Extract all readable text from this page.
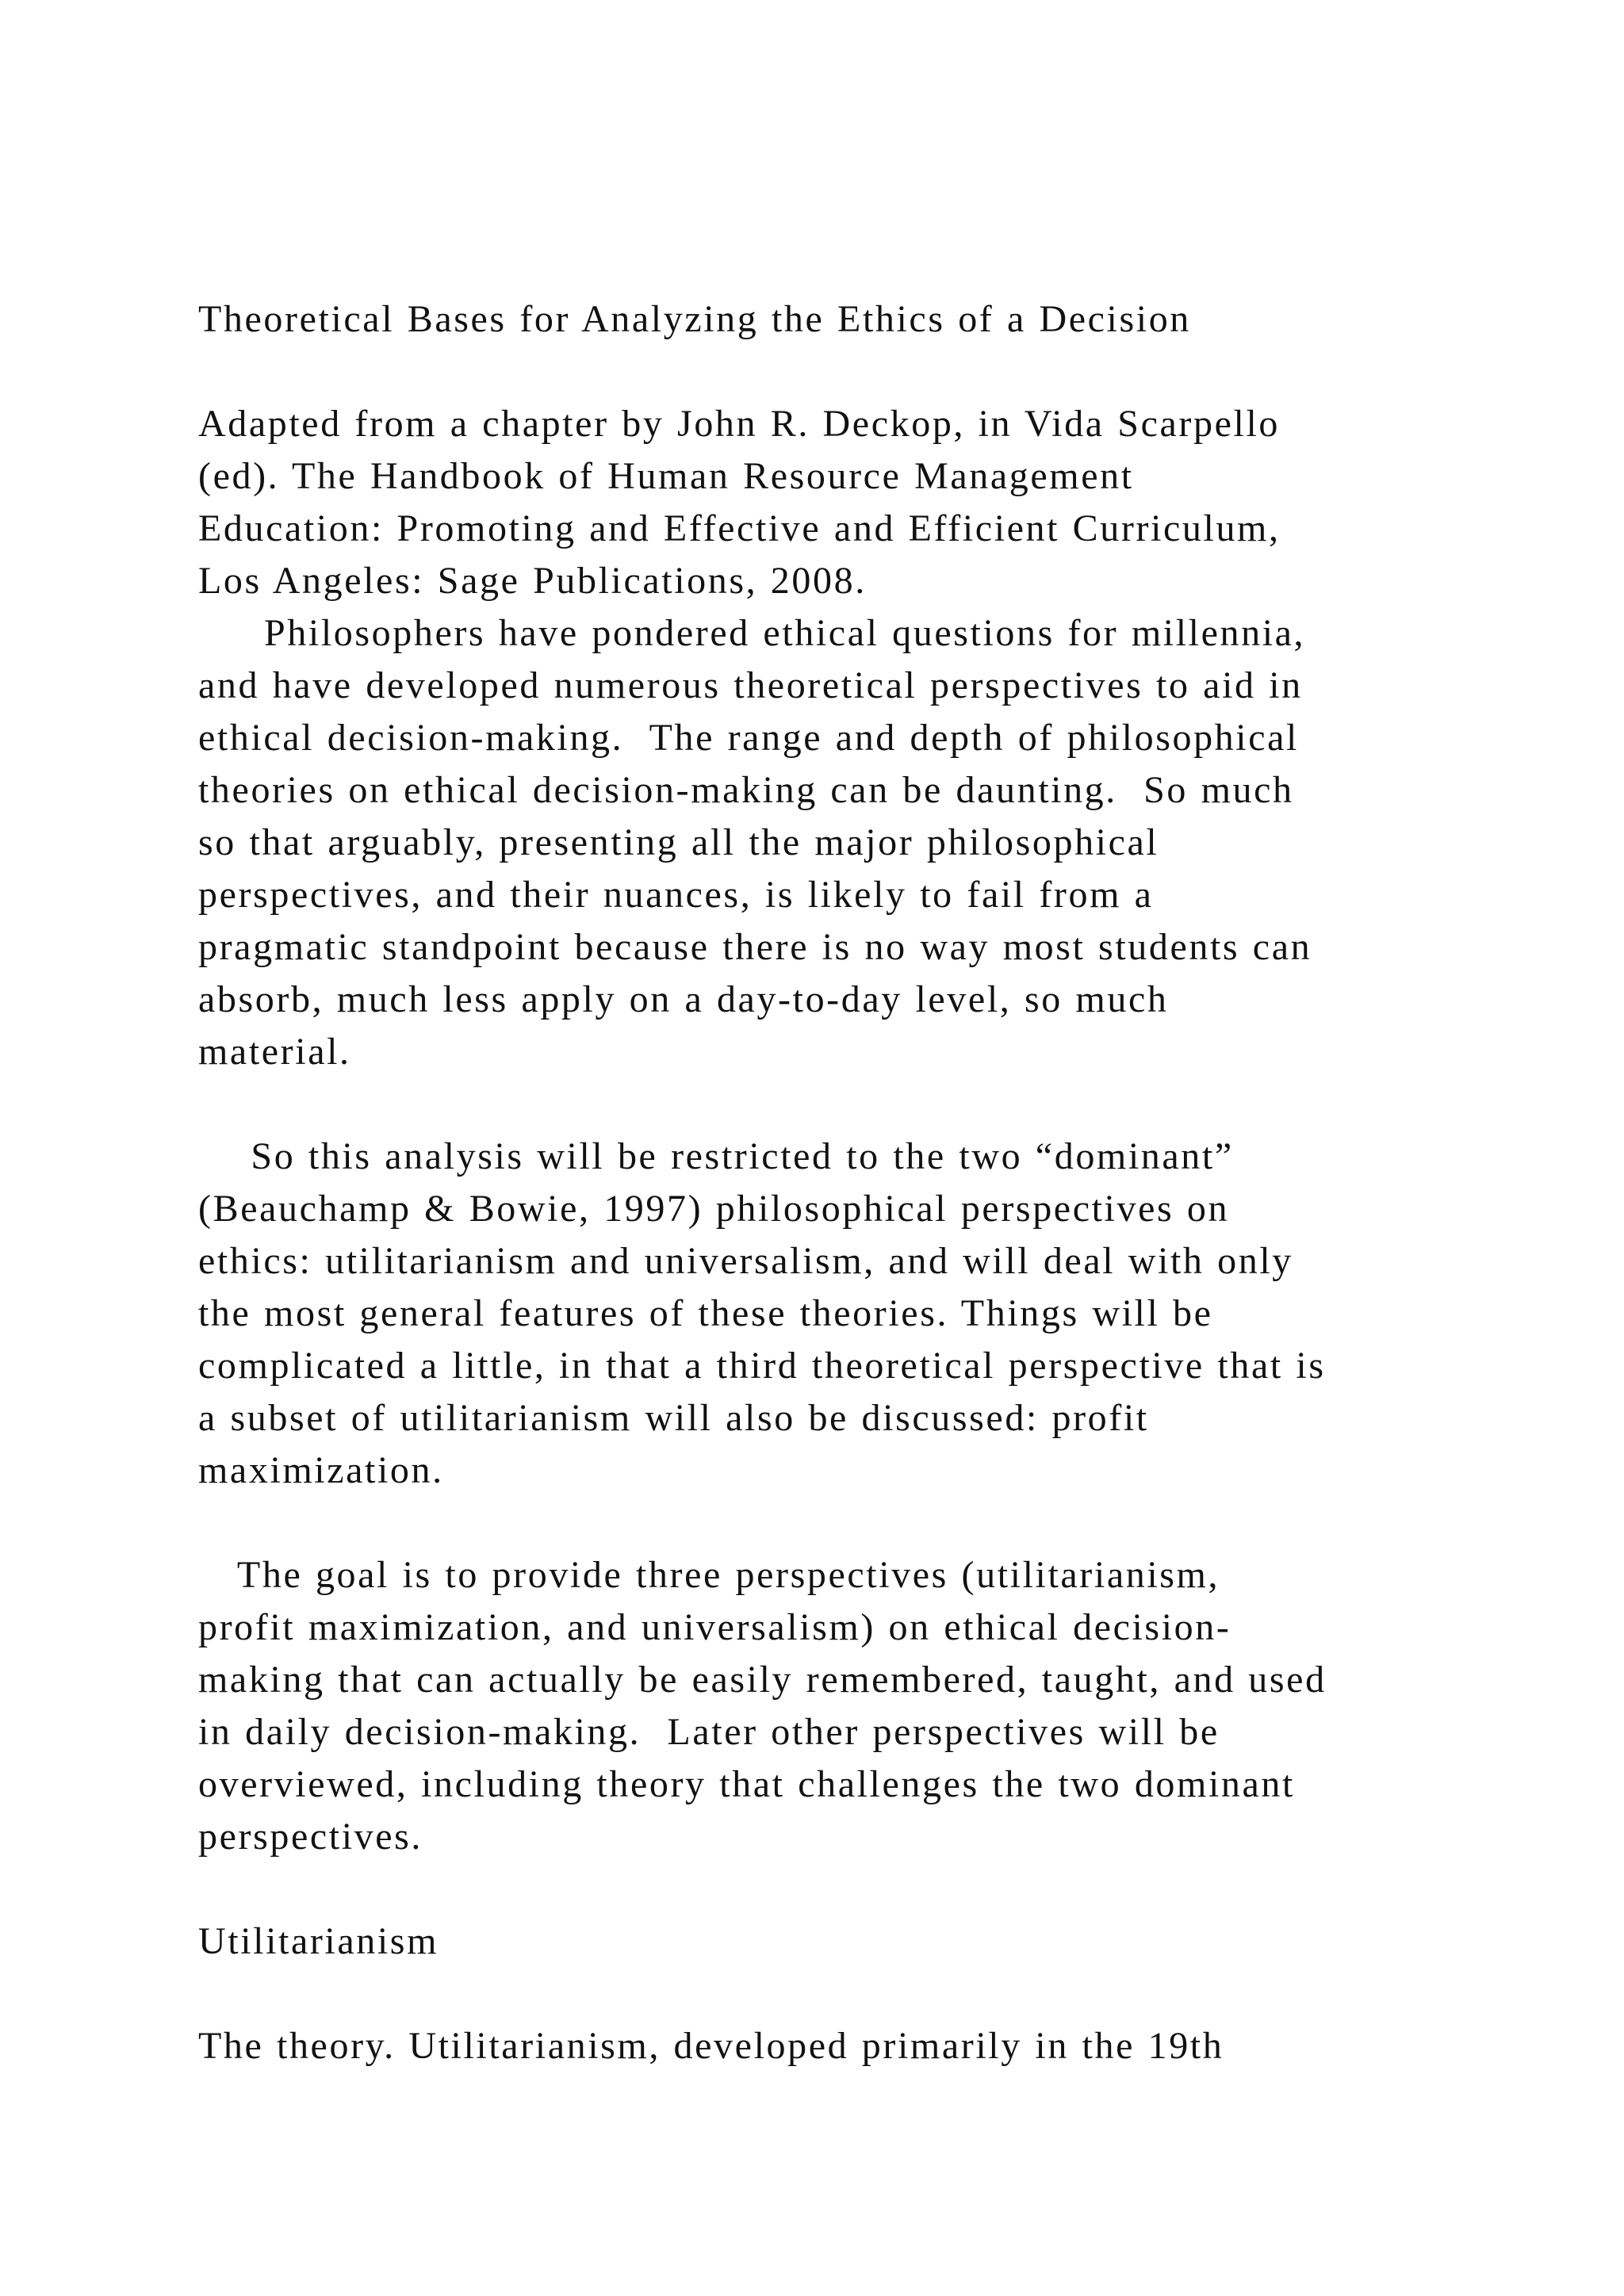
Theoretical Bases for Analyzing the Ethics of a Decision
Adapted from a chapter by John R. Deckop, in Vida Scarpello
(ed). The Handbook of Human Resource Management
Education: Promoting and Effective and Efficient Curriculum,
Los Angeles: Sage Publications, 2008.
Philosophers have pondered ethical questions for millennia,
and have developed numerous theoretical perspectives to aid in
ethical decision-making.  The range and depth of philosophical
theories on ethical decision-making can be daunting.  So much
so that arguably, presenting all the major philosophical
perspectives, and their nuances, is likely to fail from a
pragmatic standpoint because there is no way most students can
absorb, much less apply on a day-to-day level, so much
material.
So this analysis will be restricted to the two “dominant”
(Beauchamp & Bowie, 1997) philosophical perspectives on
ethics: utilitarianism and universalism, and will deal with only
the most general features of these theories. Things will be
complicated a little, in that a third theoretical perspective that is
a subset of utilitarianism will also be discussed: profit
maximization.
The goal is to provide three perspectives (utilitarianism,
profit maximization, and universalism) on ethical decision-
making that can actually be easily remembered, taught, and used
in daily decision-making.  Later other perspectives will be
overviewed, including theory that challenges the two dominant
perspectives.
Utilitarianism
The theory. Utilitarianism, developed primarily in the 19th
